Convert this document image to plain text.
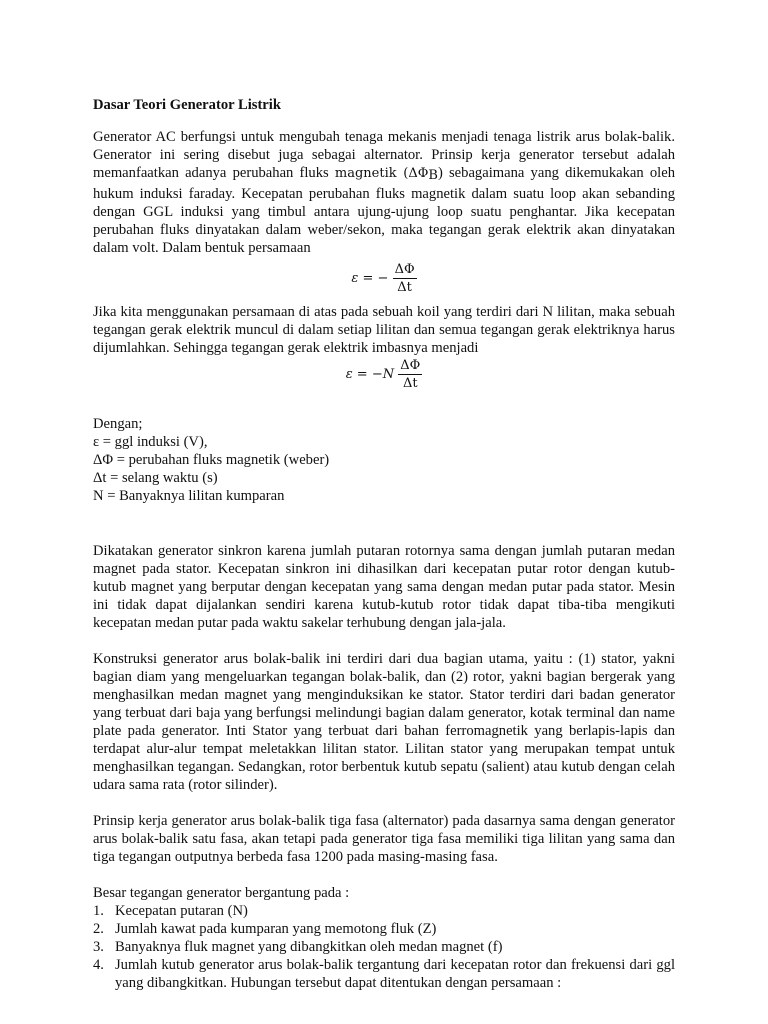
Dasar Teori Generator Listrik

Generator AC berfungsi untuk mengubah tenaga mekanis menjadi tenaga listrik arus bolak-balik. Generator ini sering disebut juga sebagai alternator. Prinsip kerja generator tersebut adalah memanfaatkan adanya perubahan fluks magnetik (ΔΦB) sebagaimana yang dikemukakan oleh hukum induksi faraday. Kecepatan perubahan fluks magnetik dalam suatu loop akan sebanding dengan GGL induksi yang timbul antara ujung-ujung loop suatu penghantar. Jika kecepatan perubahan fluks dinyatakan dalam weber/sekon, maka tegangan gerak elektrik akan dinyatakan dalam volt. Dalam bentuk persamaan

ε = − $\frac{\Delta\Phi}{\Delta t}$

Jika kita menggunakan persamaan di atas pada sebuah koil yang terdiri dari N lilitan, maka sebuah tegangan gerak elektrik muncul di dalam setiap lilitan dan semua tegangan gerak elektriknya harus dijumlahkan. Sehingga tegangan gerak elektrik imbasnya menjadi

$\varepsilon = -N \frac{\Delta\Phi}{\Delta t}$

Dengan;

ε = ggl induksi (V),
ΔΦ = perubahan fluks magnetik (weber)
Δt = selang waktu (s)
N = Banyaknya lilitan kumparan

Dikatakan generator sinkron karena jumlah putaran rotornya sama dengan jumlah putaran medan magnet pada stator. Kecepatan sinkron ini dihasilkan dari kecepatan putar rotor dengan kutub-kutub magnet yang berputar dengan kecepatan yang sama dengan medan putar pada stator. Mesin ini tidak dapat dijalankan sendiri karena kutub-kutub rotor tidak dapat tiba-tiba mengikuti kecepatan medan putar pada waktu sakelar terhubung dengan jala-jala.

Konstruksi generator arus bolak-balik ini terdiri dari dua bagian utama, yaitu : (1) stator, yakni bagian diam yang mengeluarkan tegangan bolak-balik, dan (2) rotor, yakni bagian bergerak yang menghasilkan medan magnet yang menginduksikan ke stator. Stator terdiri dari badan generator yang terbuat dari baja yang berfungsi melindungi bagian dalam generator, kotak terminal dan name plate pada generator. Inti Stator yang terbuat dari bahan ferromagnetik yang berlapis-lapis dan terdapat alur-alur tempat meletakkan lilitan stator. Lilitan stator yang merupakan tempat untuk menghasilkan tegangan. Sedangkan, rotor berbentuk kutub sepatu (salient) atau kutub dengan celah udara sama rata (rotor silinder).

Prinsip kerja generator arus bolak-balik tiga fasa (alternator) pada dasarnya sama dengan generator arus bolak-balik satu fasa, akan tetapi pada generator tiga fasa memiliki tiga lilitan yang sama dan tiga tegangan outputnya berbeda fasa 1200 pada masing-masing fasa.

Besar tegangan generator bergantung pada :

1. Kecepatan putaran (N)
2. Jumlah kawat pada kumparan yang memotong fluk (Z)
3. Banyaknya fluk magnet yang dibangkitkan oleh medan magnet (f)
4. Jumlah kutub generator arus bolak-balik tergantung dari kecepatan rotor dan frekuensi dari ggl yang dibangkitkan. Hubungan tersebut dapat ditentukan dengan persamaan :
